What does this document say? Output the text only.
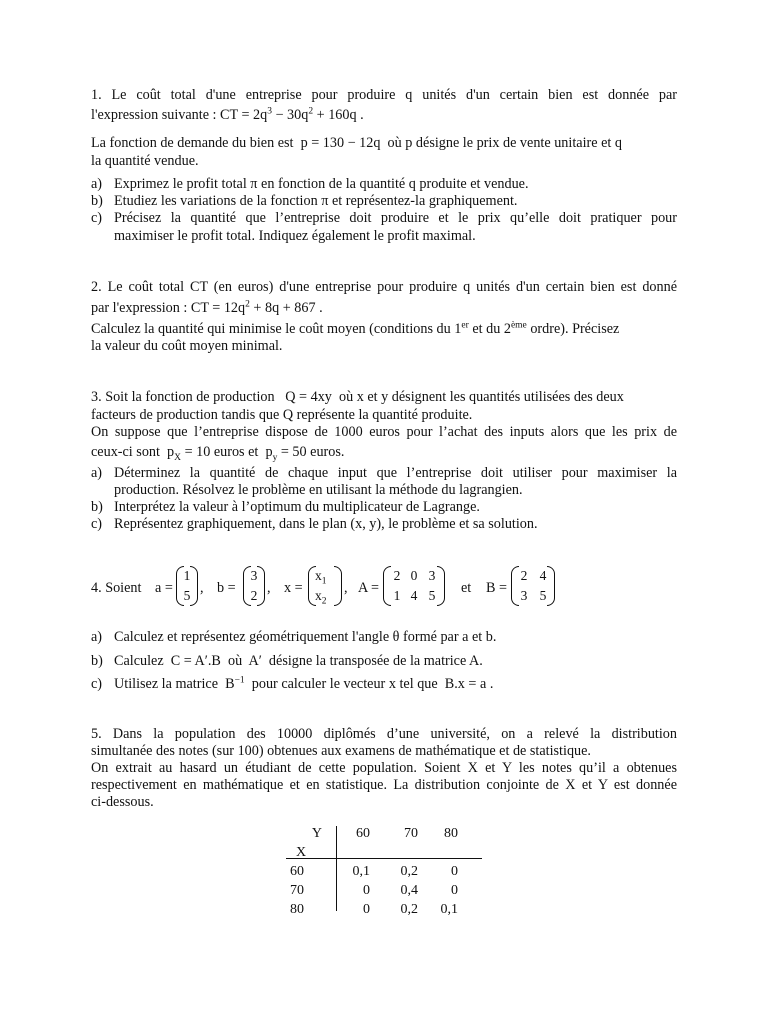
1. Le coût total d'une entreprise pour produire q unités d'un certain bien est donnée par
l'expression suivante : CT = $2q^3 - 30q^2 + 160q$ .
La fonction de demande du bien est p = 130 − 12q où p désigne le prix de vente unitaire et q
la quantité vendue.
a) Exprimez le profit total π en fonction de la quantité q produite et vendue.
b) Etudiez les variations de la fonction π et représentez-la graphiquement.
c) Précisez la quantité que l’entreprise doit produire et le prix qu’elle doit pratiquer pour
maximiser le profit total. Indiquez également le profit maximal.
2. Le coût total CT (en euros) d'une entreprise pour produire q unités d'un certain bien est donné
par l'expression : CT = $12q^2 + 8q + 867$ .
Calculez la quantité qui minimise le coût moyen (conditions du 1er et du 2ème ordre). Précisez
la valeur du coût moyen minimal.
3. Soit la fonction de production Q = 4xy où x et y désignent les quantités utilisées des deux
facteurs de production tandis que Q représente la quantité produite.
On suppose que l’entreprise dispose de 1000 euros pour l’achat des inputs alors que les prix de
ceux-ci sont $p_X = 10$ euros et $p_y = 50$ euros.
a) Déterminez la quantité de chaque input que l’entreprise doit utiliser pour maximiser la
production. Résolvez le problème en utilisant la méthode du lagrangien.
b) Interprétez la valeur à l’optimum du multiplicateur de Lagrange.
c) Représentez graphiquement, dans le plan (x, y), le problème et sa solution.
4. Soient a =
1
5 , b =
3
2 , x =
$x_1$
$x_2$
, A =
2 0 3
1 4 5 et B =
2 4
3 5
a) Calculez et représentez géométriquement l'angle θ formé par a et b.
b) Calculez C = A′.B où A′ désigne la transposée de la matrice A.
c) Utilisez la matrice $B^{-1}$ pour calculer le vecteur x tel que B.x = a .
5. Dans la population des 10000 diplômés d’une université, on a relevé la distribution
simultanée des notes (sur 100) obtenues aux examens de mathématique et de statistique.
On extrait au hasard un étudiant de cette population. Soient X et Y les notes qu’il a obtenues
respectivement en mathématique et en statistique. La distribution conjointe de X et Y est donnée
ci-dessous.
Y	60	70	80
X			
60	0,1	0,2	0
70	0	0,4	0
80	0	0,2	0,1
